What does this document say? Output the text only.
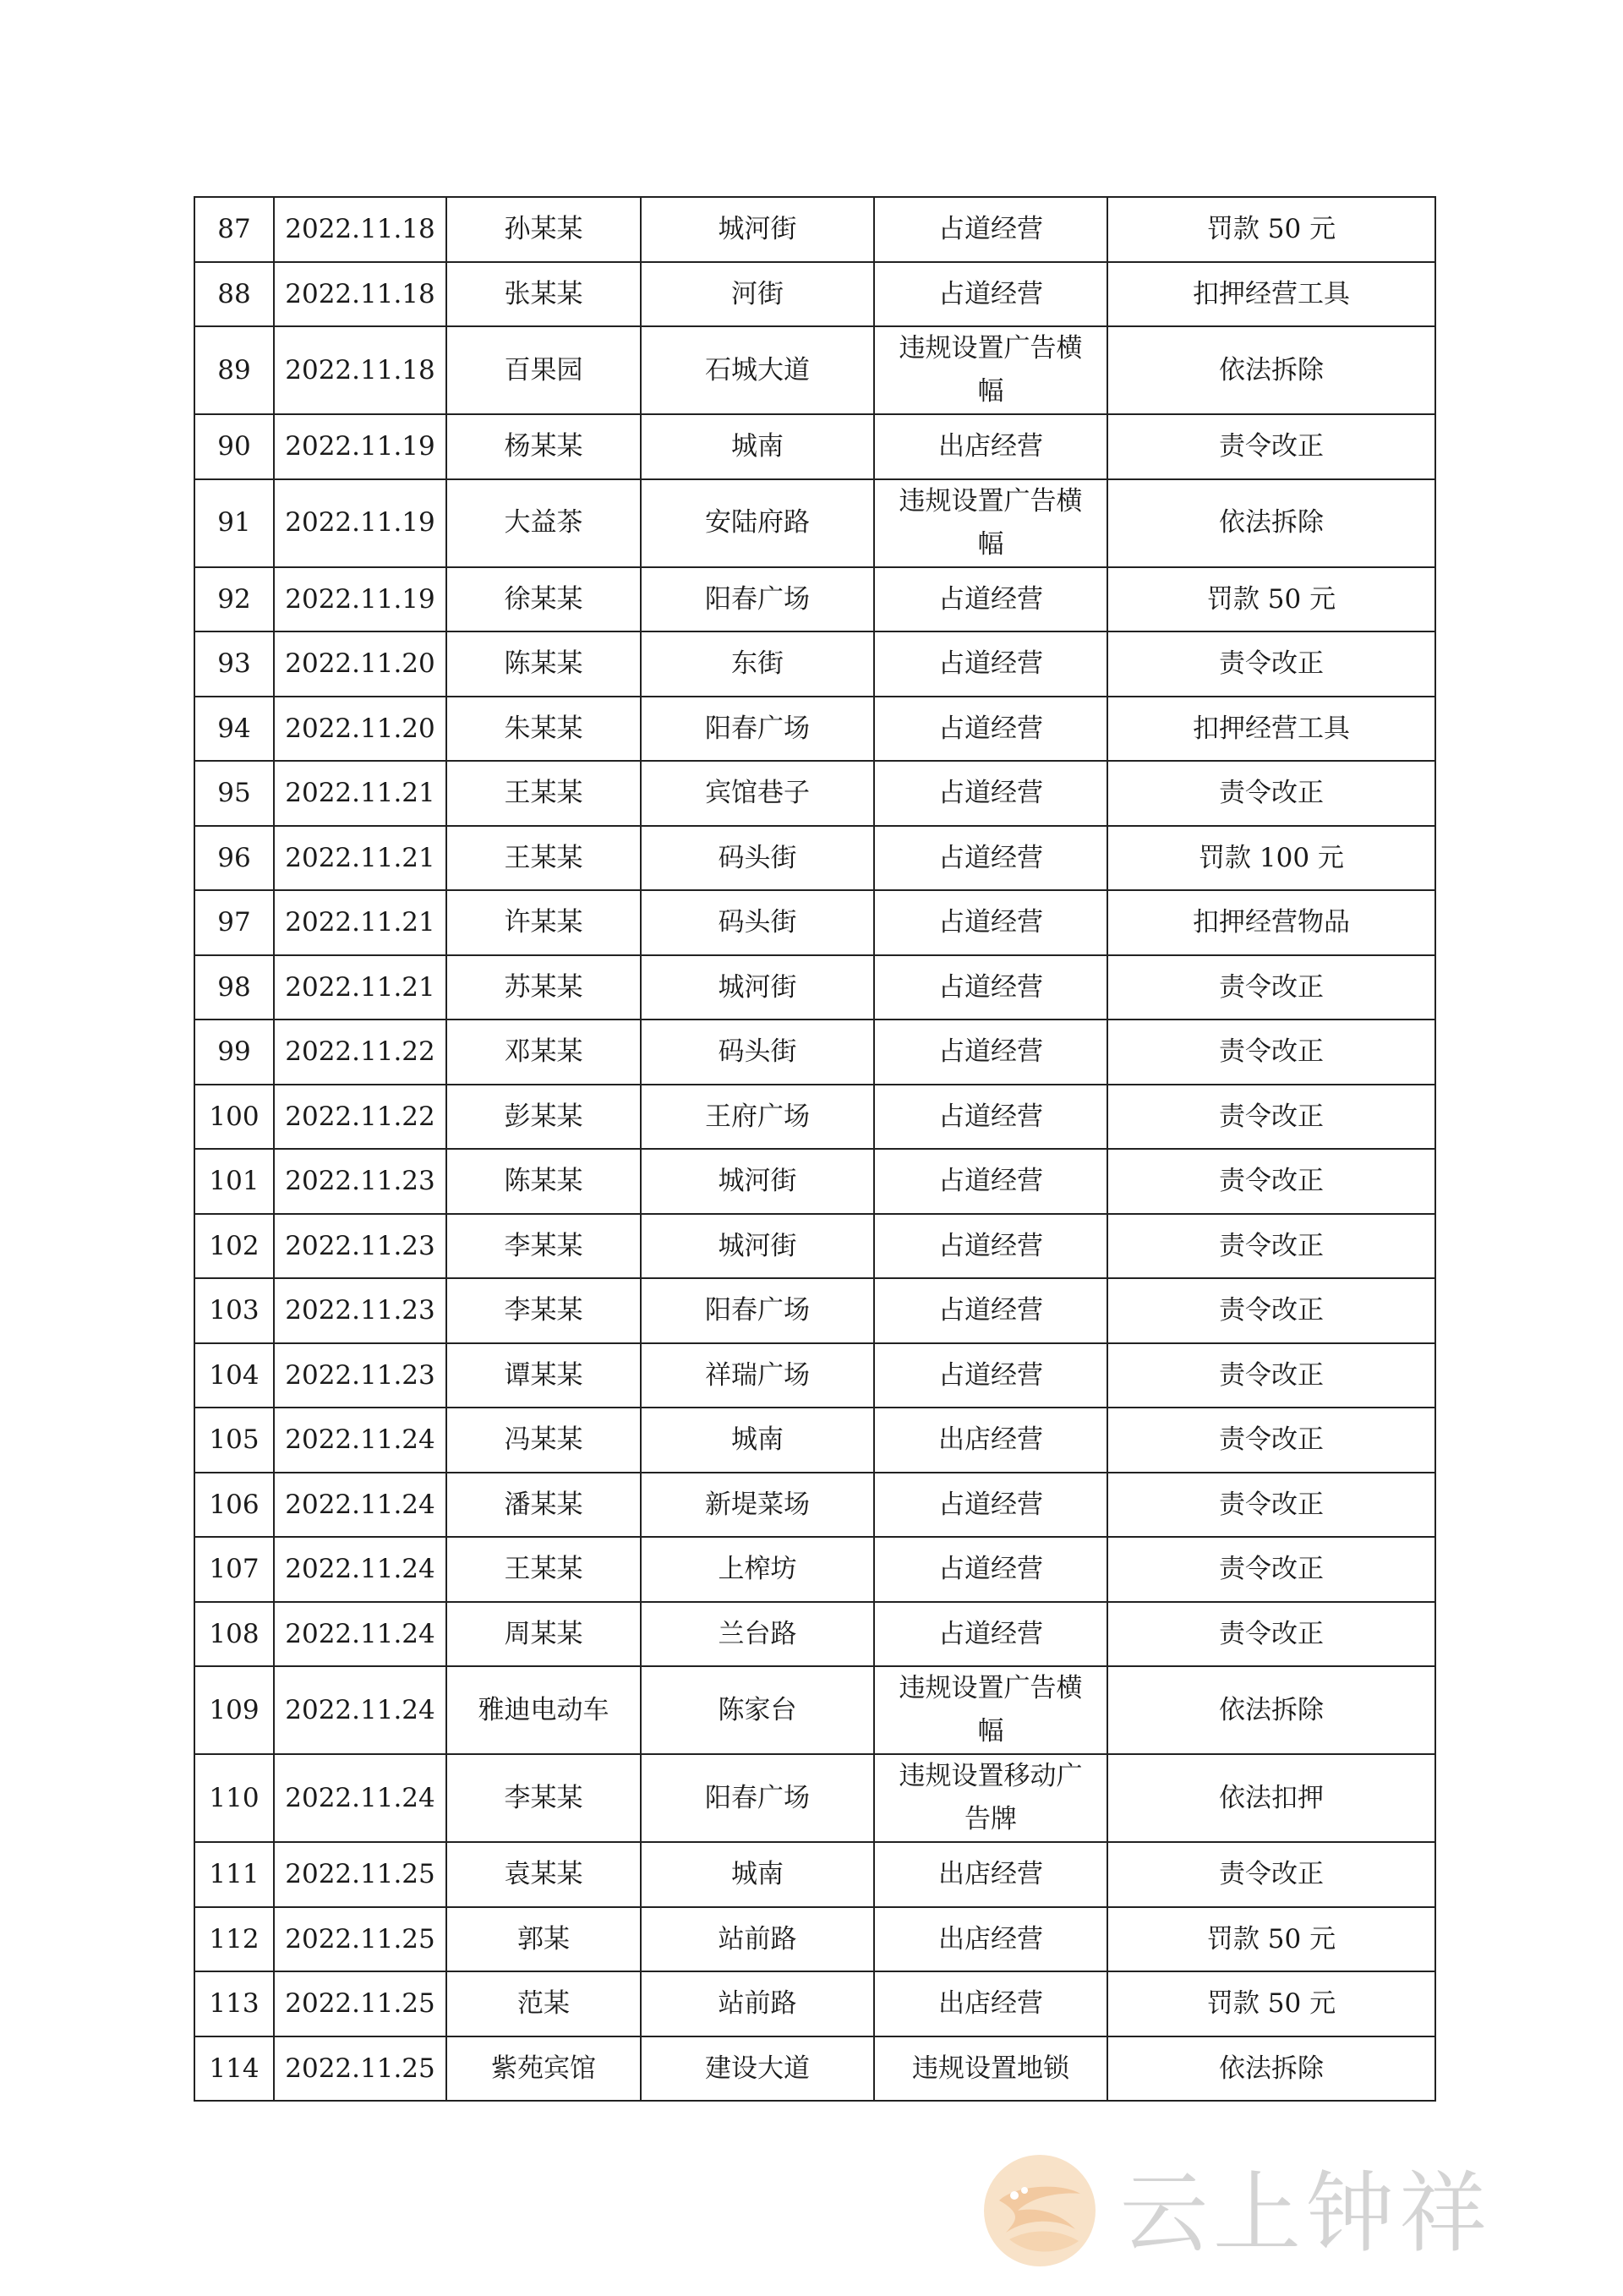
87	2022.11.18	孙某某	城河街	占道经营	罚款 50 元
88	2022.11.18	张某某	河街	占道经营	扣押经营工具
89	2022.11.18	百果园	石城大道	违规设置广告横幅	依法拆除
90	2022.11.19	杨某某	城南	出店经营	责令改正
91	2022.11.19	大益茶	安陆府路	违规设置广告横幅	依法拆除
92	2022.11.19	徐某某	阳春广场	占道经营	罚款 50 元
93	2022.11.20	陈某某	东街	占道经营	责令改正
94	2022.11.20	朱某某	阳春广场	占道经营	扣押经营工具
95	2022.11.21	王某某	宾馆巷子	占道经营	责令改正
96	2022.11.21	王某某	码头街	占道经营	罚款 100 元
97	2022.11.21	许某某	码头街	占道经营	扣押经营物品
98	2022.11.21	苏某某	城河街	占道经营	责令改正
99	2022.11.22	邓某某	码头街	占道经营	责令改正
100	2022.11.22	彭某某	王府广场	占道经营	责令改正
101	2022.11.23	陈某某	城河街	占道经营	责令改正
102	2022.11.23	李某某	城河街	占道经营	责令改正
103	2022.11.23	李某某	阳春广场	占道经营	责令改正
104	2022.11.23	谭某某	祥瑞广场	占道经营	责令改正
105	2022.11.24	冯某某	城南	出店经营	责令改正
106	2022.11.24	潘某某	新堤菜场	占道经营	责令改正
107	2022.11.24	王某某	上榨坊	占道经营	责令改正
108	2022.11.24	周某某	兰台路	占道经营	责令改正
109	2022.11.24	雅迪电动车	陈家台	违规设置广告横幅	依法拆除
110	2022.11.24	李某某	阳春广场	违规设置移动广告牌	依法扣押
111	2022.11.25	袁某某	城南	出店经营	责令改正
112	2022.11.25	郭某	站前路	出店经营	罚款 50 元
113	2022.11.25	范某	站前路	出店经营	罚款 50 元
114	2022.11.25	紫苑宾馆	建设大道	违规设置地锁	依法拆除
云上钟祥
